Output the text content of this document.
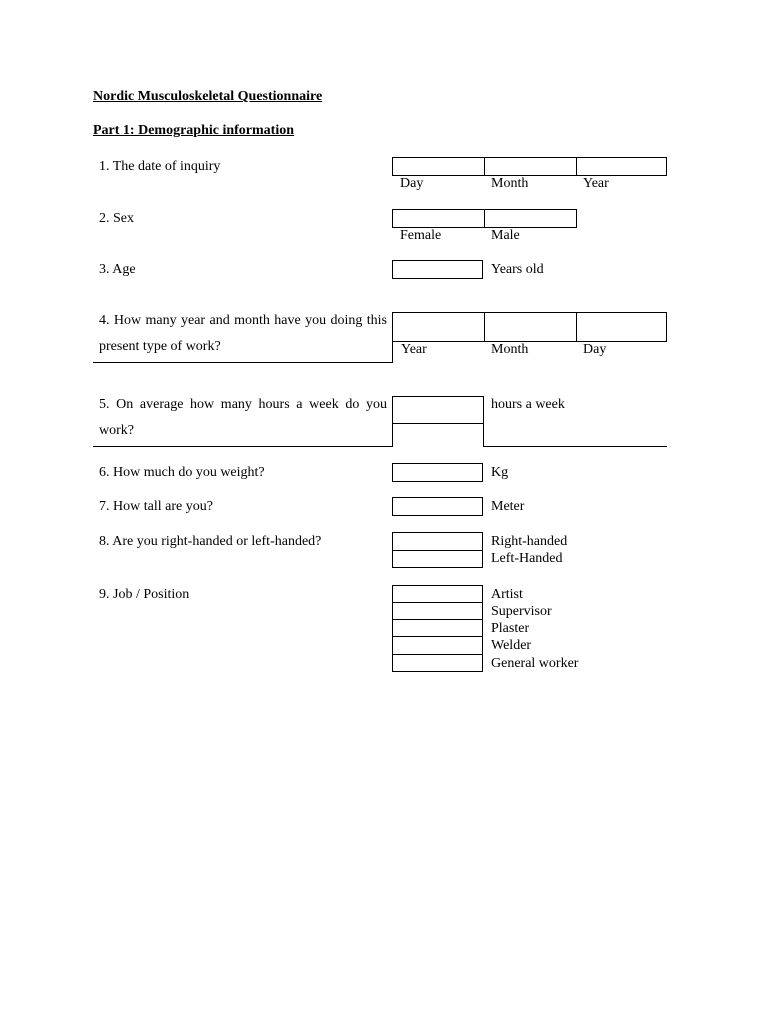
Nordic Musculoskeletal Questionnaire
Part 1: Demographic information
1. The date of inquiry
Day	Month	Year
2. Sex
Female	Male
3. Age	Years old
4. How many year and month have you doing this present type of work?	Year	Month	Day
5. On average how many hours a week do you work?
hours a week
6. How much do you weight?	Kg
7. How tall are you?	Meter
8. Are you right-handed or left-handed?	Right-handed
Left-Handed
9. Job / Position	Artist
Supervisor
Plaster
Welder
General worker
